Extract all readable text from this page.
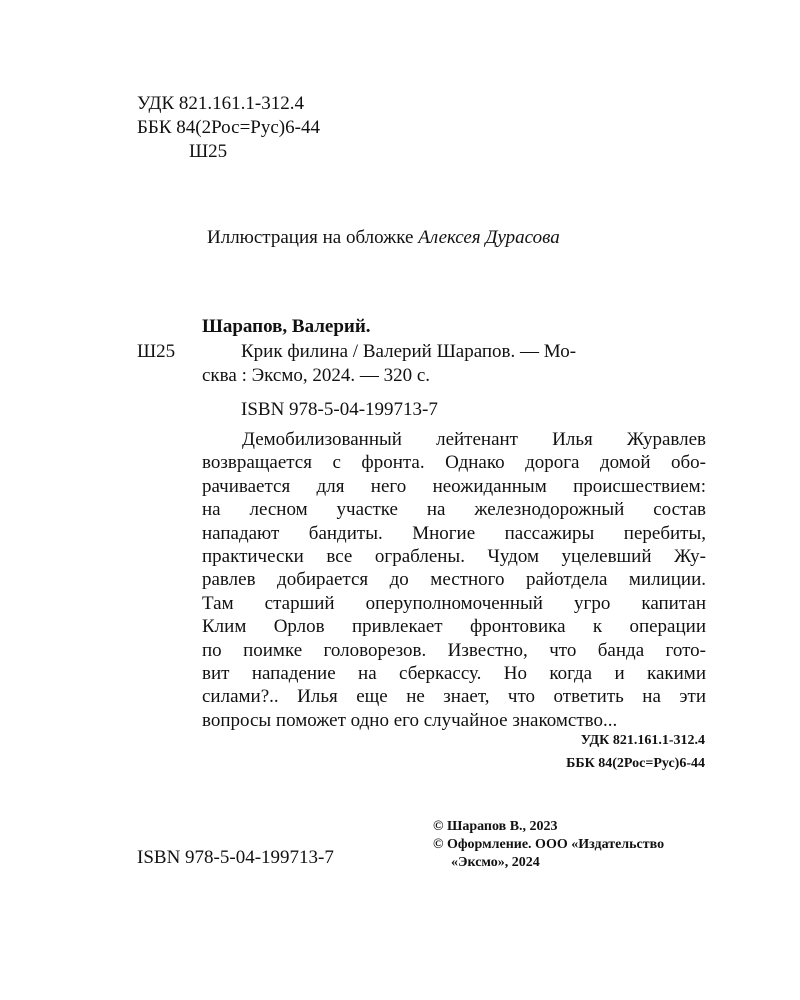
УДК 821.161.1-312.4
ББК 84(2Рос=Рус)6-44
Ш25
Иллюстрация на обложке Алексея Дурасова
Шарапов, Валерий.
Ш25	Крик филина / Валерий Шарапов. — Мо-
сква : Эксмо, 2024. — 320 с.
ISBN 978-5-04-199713-7
Демобилизованный лейтенант Илья Журавлев
возвращается с фронта. Однако дорога домой обо-
рачивается для него неожиданным происшествием:
на лесном участке на железнодорожный состав
нападают бандиты. Многие пассажиры перебиты,
практически все ограблены. Чудом уцелевший Жу-
равлев добирается до местного райотдела милиции.
Там старший оперуполномоченный угро капитан
Клим Орлов привлекает фронтовика к операции
по поимке головорезов. Известно, что банда гото-
вит нападение на сберкассу. Но когда и какими
силами?.. Илья еще не знает, что ответить на эти
вопросы поможет одно его случайное знакомство...
УДК 821.161.1-312.4
ББК 84(2Рос=Рус)6-44
ISBN 978-5-04-199713-7
© Шарапов В., 2023
© Оформление. ООО «Издательство
«Эксмо», 2024
